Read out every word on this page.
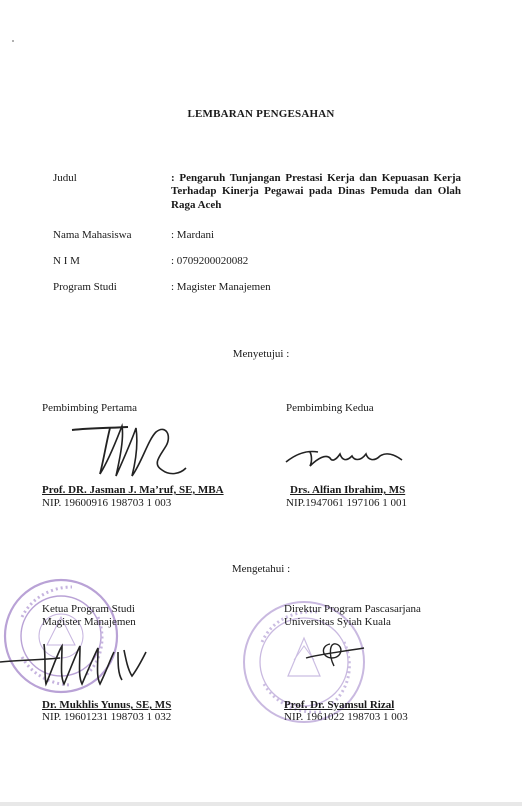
LEMBARAN PENGESAHAN
Judul	: Pengaruh Tunjangan Prestasi Kerja dan Kepuasan Kerja Terhadap Kinerja Pegawai pada Dinas Pemuda dan Olah Raga Aceh
Nama Mahasiswa	: Mardani
N I M	: 0709200020082
Program Studi	: Magister Manajemen
Menyetujui :
Pembimbing Pertama	Pembimbing Kedua
Prof. DR. Jasman J. Ma’ruf, SE, MBA
NIP. 19600916 198703 1 003
Drs. Alfian Ibrahim, MS
NIP.1947061 197106 1 001
Mengetahui :
Ketua Program Studi
Magister Manajemen
Direktur Program Pascasarjana
Universitas Syiah Kuala
Dr. Mukhlis Yunus, SE, MS
NIP. 19601231 198703 1 032
Prof. Dr. Syamsul Rizal
NIP. 1961022 198703 1 003
